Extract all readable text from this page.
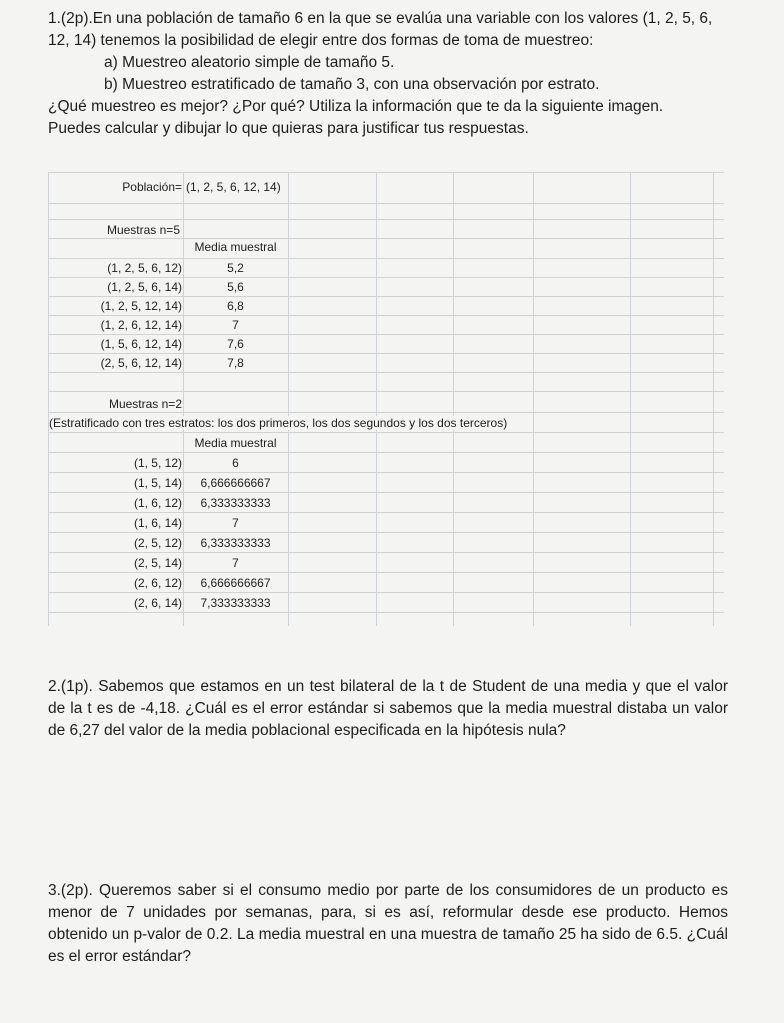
1.(2p).En una población de tamaño 6 en la que se evalúa una variable con los valores (1, 2, 5, 6, 12, 14) tenemos la posibilidad de elegir entre dos formas de toma de muestreo:

a) Muestreo aleatorio simple de tamaño 5.

b) Muestreo estratificado de tamaño 3, con una observación por estrato.

¿Qué muestreo es mejor? ¿Por qué? Utiliza la información que te da la siguiente imagen.

Puedes calcular y dibujar lo que quieras para justificar tus respuestas.

Población= (1, 2, 5, 6, 12, 14)
Muestras n=5
Media muestral
(1, 2, 5, 6, 12)	5,2
(1, 2, 5, 6, 14)	5,6
(1, 2, 5, 12, 14)	6,8
(1, 2, 6, 12, 14)	7
(1, 5, 6, 12, 14)	7,6
(2, 5, 6, 12, 14)	7,8
Muestras n=2
(Estratificado con tres estratos: los dos primeros, los dos segundos y los dos terceros)
Media muestral
(1, 5, 12)	6
(1, 5, 14)	6,666666667
(1, 6, 12)	6,333333333
(1, 6, 14)	7
(2, 5, 12)	6,333333333
(2, 5, 14)	7
(2, 6, 12)	6,666666667
(2, 6, 14)	7,333333333

2.(1p). Sabemos que estamos en un test bilateral de la t de Student de una media y que el valor de la t es de -4,18. ¿Cuál es el error estándar si sabemos que la media muestral distaba un valor de 6,27 del valor de la media poblacional especificada en la hipótesis nula?

3.(2p). Queremos saber si el consumo medio por parte de los consumidores de un producto es menor de 7 unidades por semanas, para, si es así, reformular desde ese producto. Hemos obtenido un p-valor de 0.2. La media muestral en una muestra de tamaño 25 ha sido de 6.5. ¿Cuál es el error estándar?
